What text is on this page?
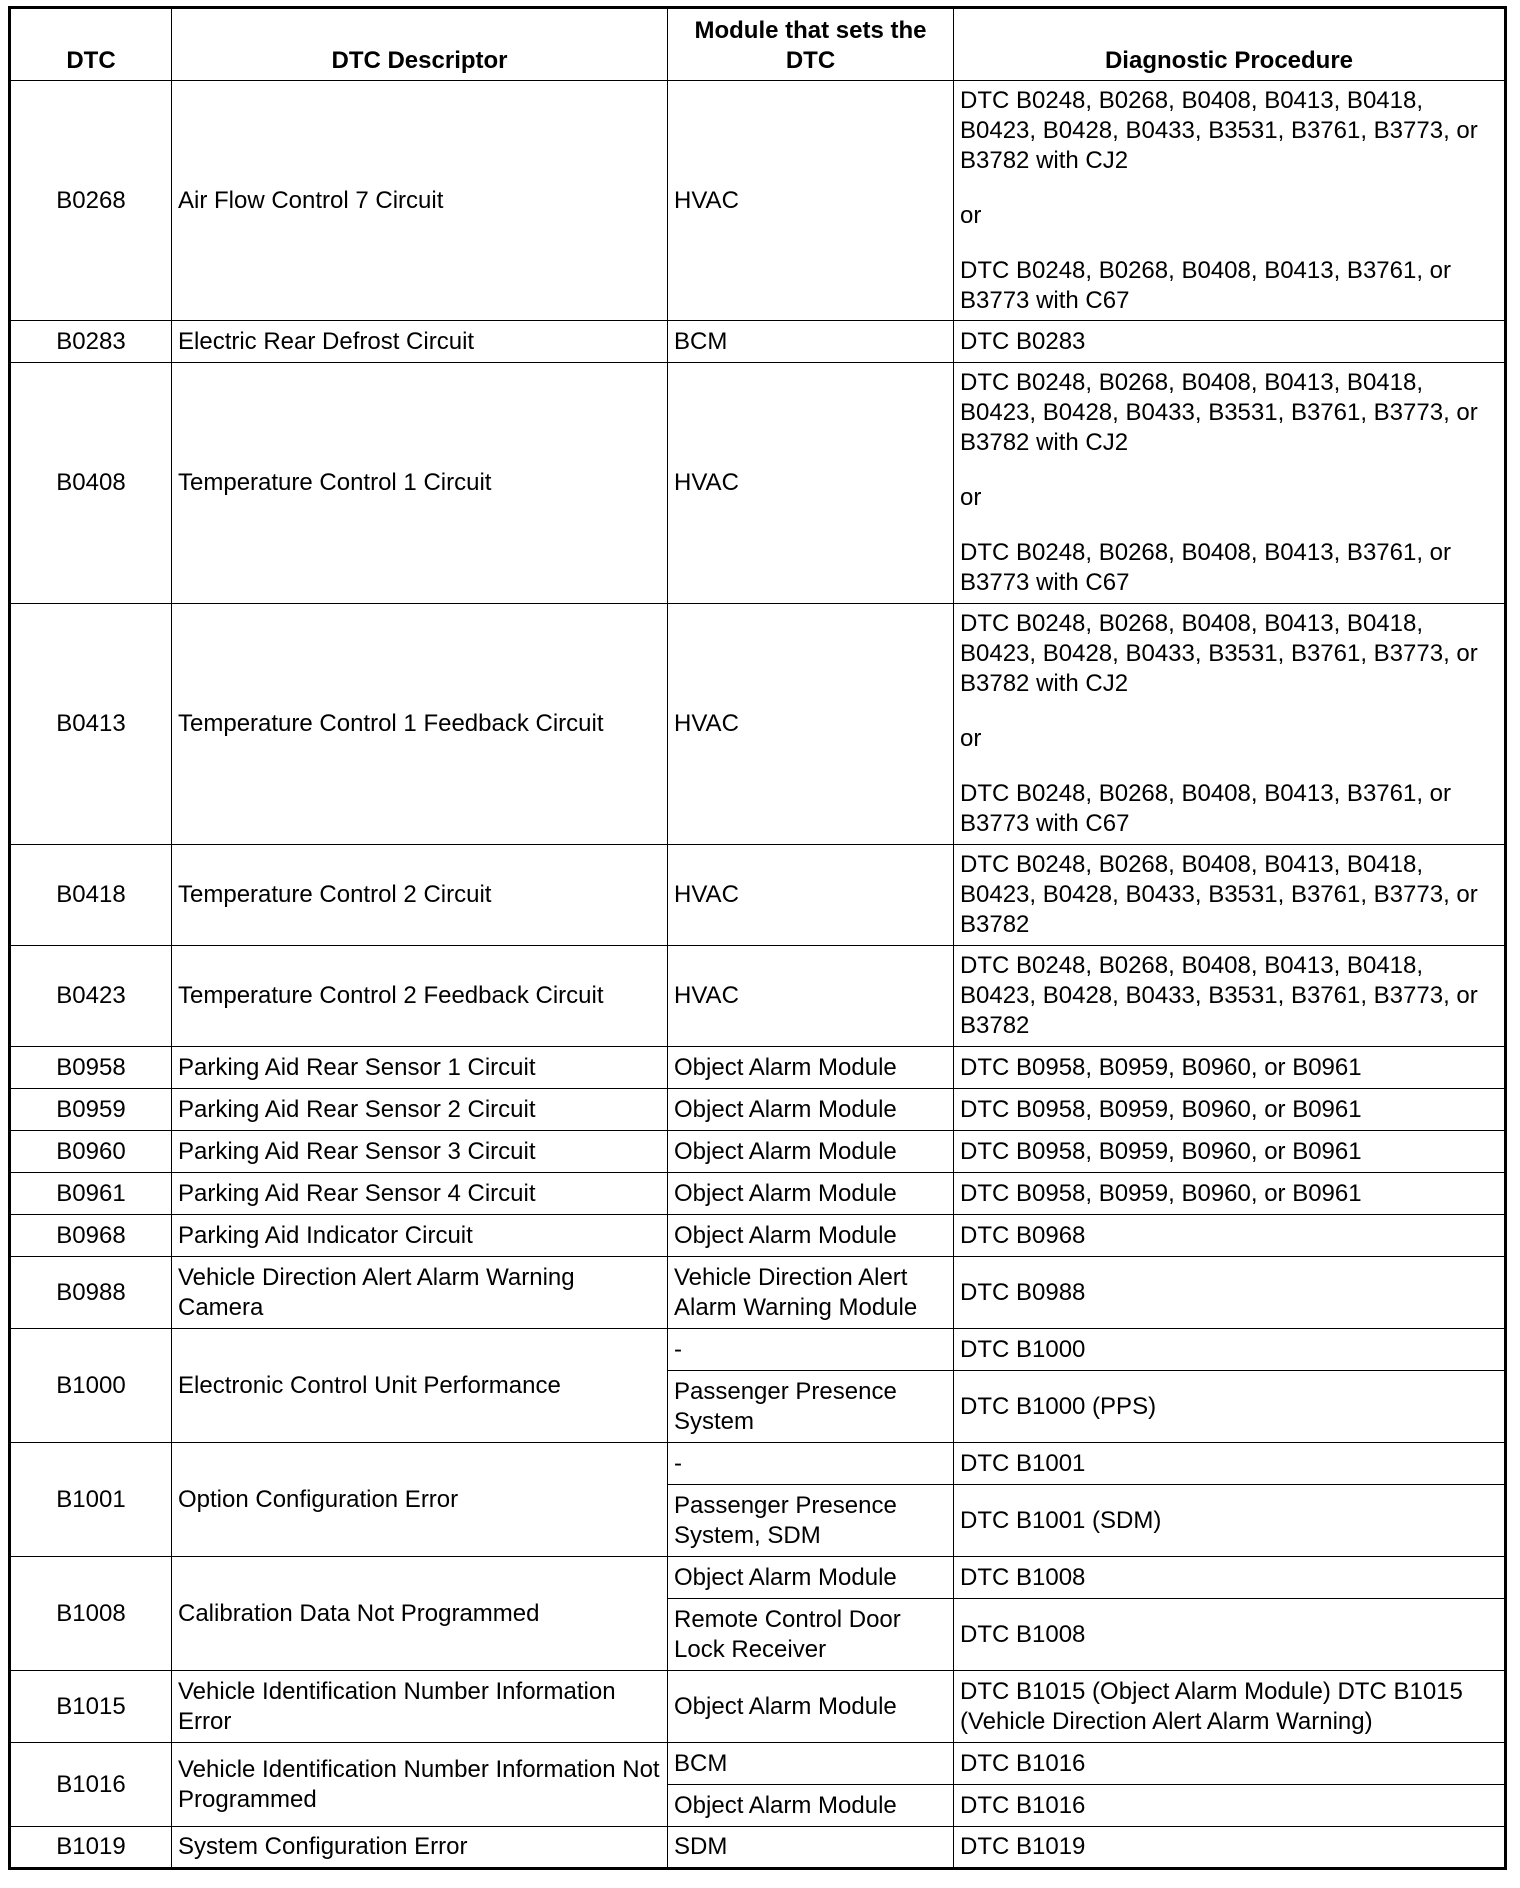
DTC	DTC Descriptor	Module that sets the DTC	Diagnostic Procedure
B0268	Air Flow Control 7 Circuit	HVAC	DTC B0248, B0268, B0408, B0413, B0418, B0423, B0428, B0433, B3531, B3761, B3773, or B3782 with CJ2
or
DTC B0248, B0268, B0408, B0413, B3761, or B3773 with C67

B0283	Electric Rear Defrost Circuit	BCM	DTC B0283

B0408	Temperature Control 1 Circuit	HVAC	DTC B0248, B0268, B0408, B0413, B0418, B0423, B0428, B0433, B3531, B3761, B3773, or B3782 with CJ2
or
DTC B0248, B0268, B0408, B0413, B3761, or B3773 with C67

B0413	Temperature Control 1 Feedback Circuit	HVAC	DTC B0248, B0268, B0408, B0413, B0418, B0423, B0428, B0433, B3531, B3761, B3773, or B3782 with CJ2
or
DTC B0248, B0268, B0408, B0413, B3761, or B3773 with C67

B0418	Temperature Control 2 Circuit	HVAC	DTC B0248, B0268, B0408, B0413, B0418, B0423, B0428, B0433, B3531, B3761, B3773, or B3782

B0423	Temperature Control 2 Feedback Circuit	HVAC	DTC B0248, B0268, B0408, B0413, B0418, B0423, B0428, B0433, B3531, B3761, B3773, or B3782

B0958	Parking Aid Rear Sensor 1 Circuit	Object Alarm Module	DTC B0958, B0959, B0960, or B0961

B0959	Parking Aid Rear Sensor 2 Circuit	Object Alarm Module	DTC B0958, B0959, B0960, or B0961

B0960	Parking Aid Rear Sensor 3 Circuit	Object Alarm Module	DTC B0958, B0959, B0960, or B0961

B0961	Parking Aid Rear Sensor 4 Circuit	Object Alarm Module	DTC B0958, B0959, B0960, or B0961

B0968	Parking Aid Indicator Circuit	Object Alarm Module	DTC B0968

B0988	Vehicle Direction Alert Alarm Warning Camera	Vehicle Direction Alert Alarm Warning Module	DTC B0988

B1000	Electronic Control Unit Performance	-	DTC B1000

		Passenger Presence System	DTC B1000 (PPS)

B1001	Option Configuration Error	-	DTC B1001

		Passenger Presence System, SDM	DTC B1001 (SDM)

B1008	Calibration Data Not Programmed	Object Alarm Module	DTC B1008

		Remote Control Door Lock Receiver	DTC B1008

B1015	Vehicle Identification Number Information Error	Object Alarm Module	DTC B1015 (Object Alarm Module) DTC B1015 (Vehicle Direction Alert Alarm Warning)

B1016	Vehicle Identification Number Information Not Programmed	BCM	DTC B1016

		Object Alarm Module	DTC B1016

B1019	System Configuration Error	SDM	DTC B1019
